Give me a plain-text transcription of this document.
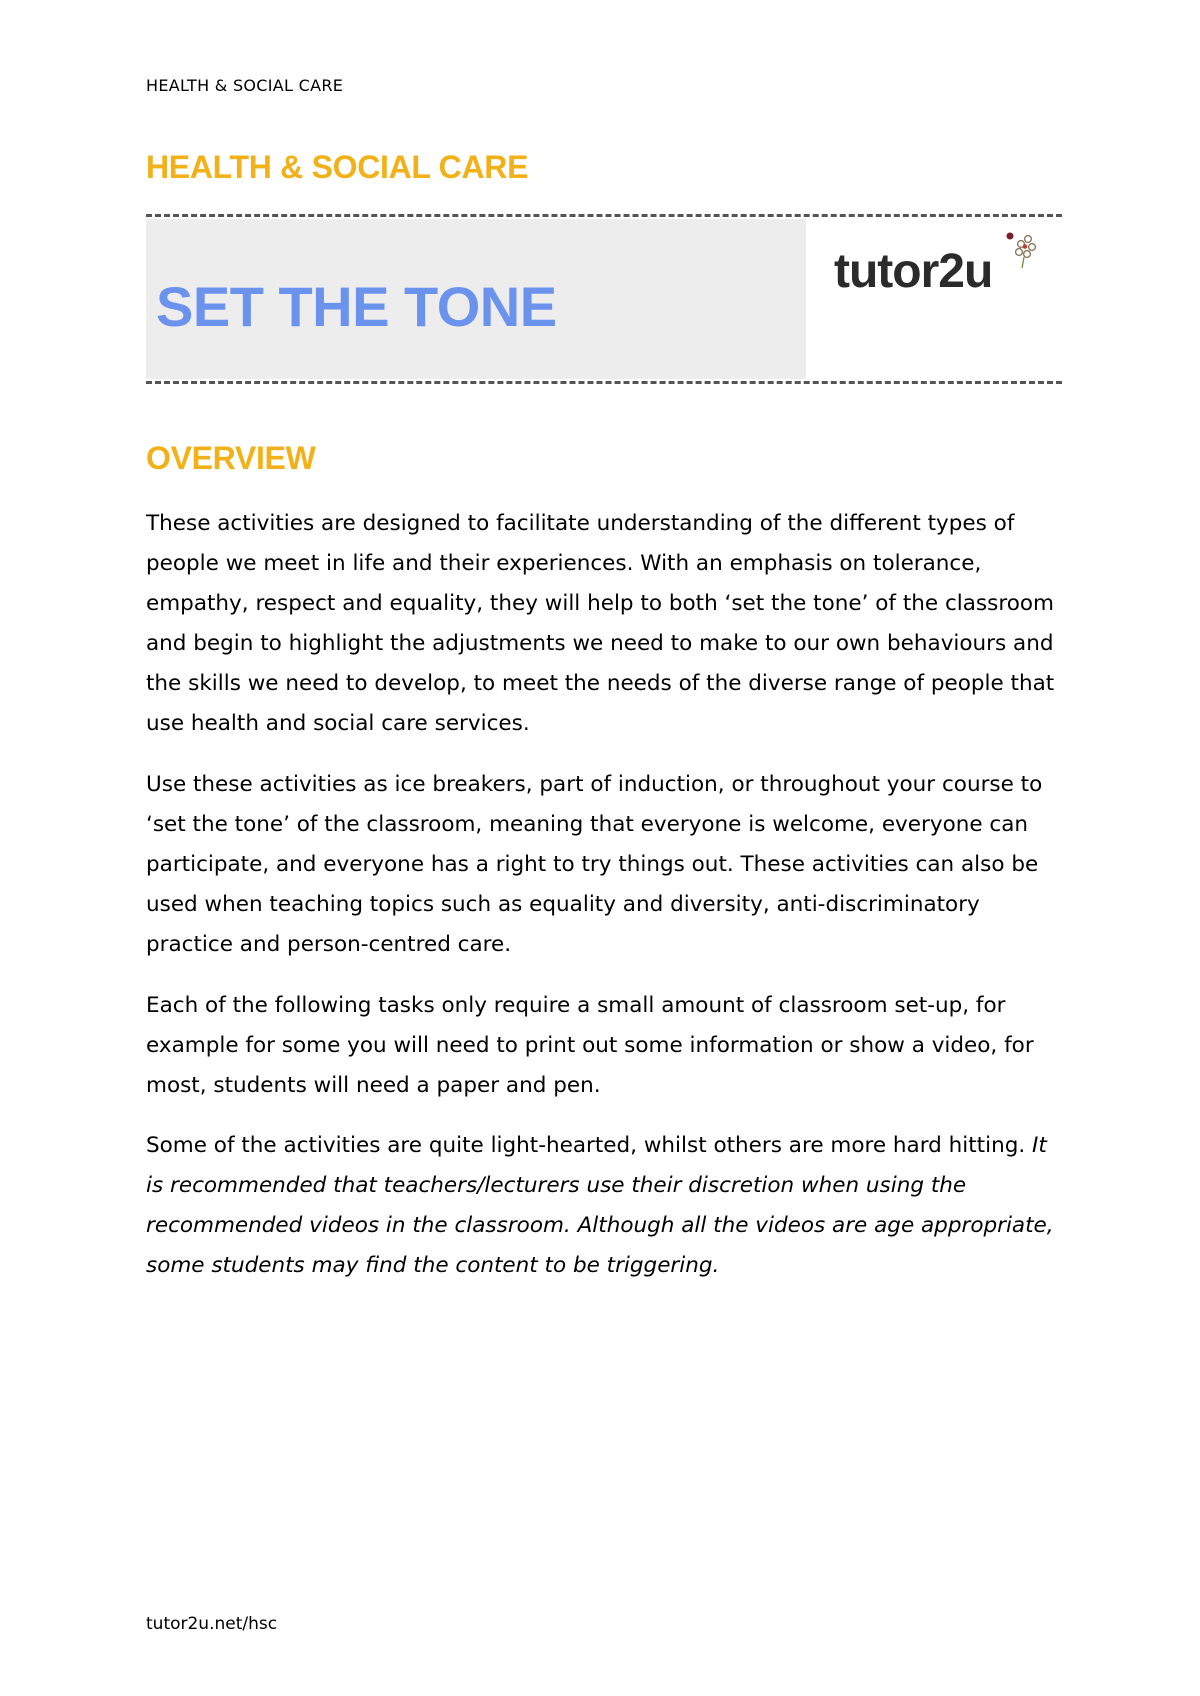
HEALTH & SOCIAL CARE
HEALTH & SOCIAL CARE
SET THE TONE
tutor2u
OVERVIEW

These activities are designed to facilitate understanding of the different types of people we meet in life and their experiences. With an emphasis on tolerance, empathy, respect and equality, they will help to both ‘set the tone’ of the classroom and begin to highlight the adjustments we need to make to our own behaviours and the skills we need to develop, to meet the needs of the diverse range of people that use health and social care services.

Use these activities as ice breakers, part of induction, or throughout your course to ‘set the tone’ of the classroom, meaning that everyone is welcome, everyone can participate, and everyone has a right to try things out. These activities can also be used when teaching topics such as equality and diversity, anti-discriminatory practice and person-centred care.

Each of the following tasks only require a small amount of classroom set-up, for example for some you will need to print out some information or show a video, for most, students will need a paper and pen.

Some of the activities are quite light-hearted, whilst others are more hard hitting. It is recommended that teachers/lecturers use their discretion when using the recommended videos in the classroom. Although all the videos are age appropriate, some students may find the content to be triggering.

tutor2u.net/hsc
